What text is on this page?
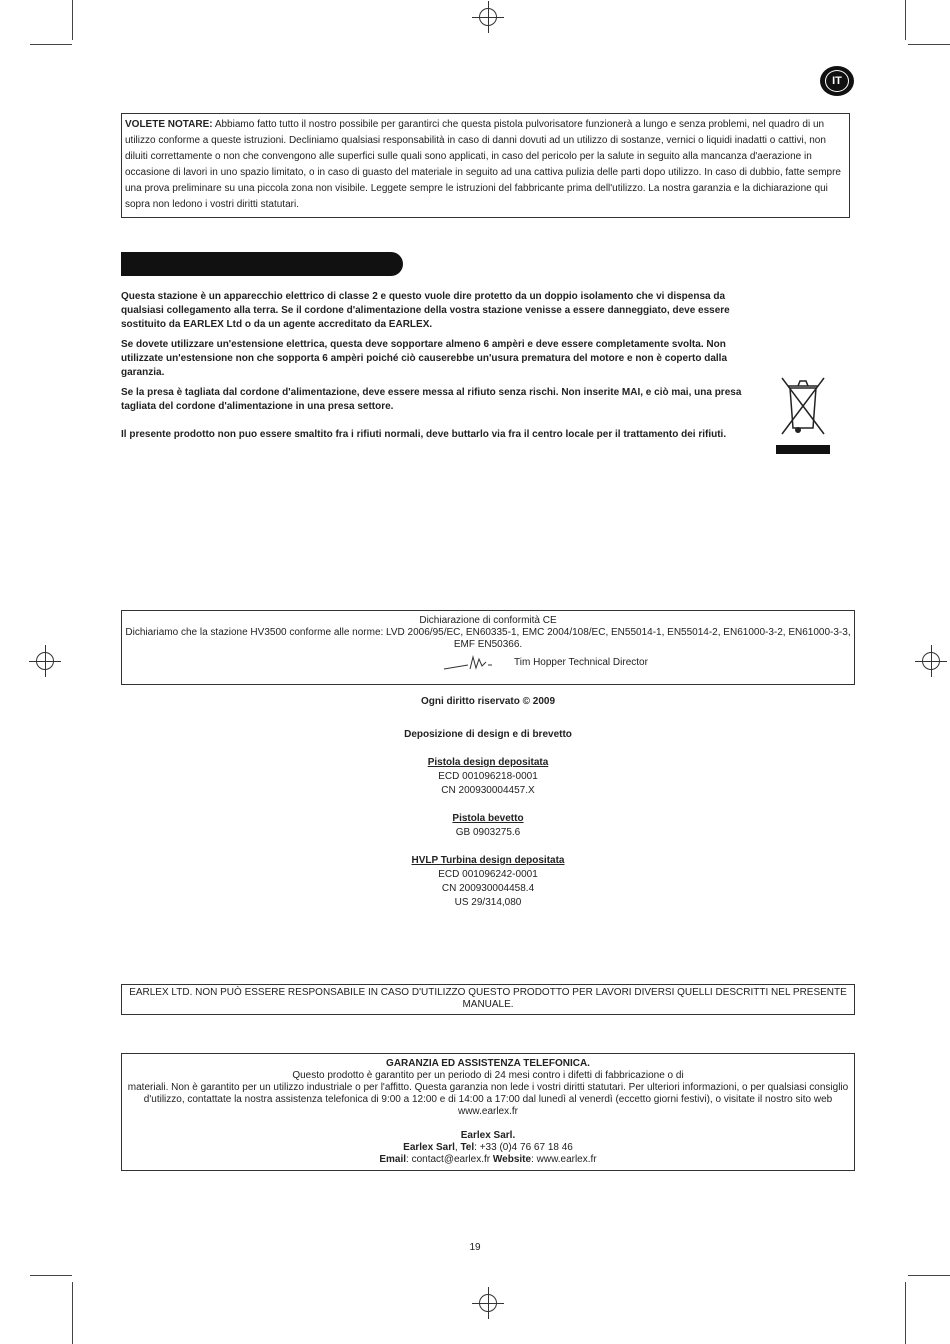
IT
VOLETE NOTARE: Abbiamo fatto tutto il nostro possibile per garantirci che questa pistola pulvorisatore funzionerà a lungo e senza problemi, nel quadro di un utilizzo conforme a queste istruzioni. Decliniamo qualsiasi responsabilità in caso di danni dovuti ad un utilizzo di sostanze, vernici o liquidi inadatti o cattivi, non diluiti correttamente o non che convengono alle superfici sulle quali sono applicati, in caso del pericolo per la salute in seguito alla mancanza d'aerazione in occasione di lavori in uno spazio limitato, o in caso di guasto del materiale in seguito ad una cattiva pulizia delle parti dopo utilizzo. In caso di dubbio, fatte sempre una prova preliminare su una piccola zona non visibile. Leggete sempre le istruzioni del fabbricante prima dell'utilizzo. La nostra garanzia e la dichiarazione qui sopra non ledono i vostri diritti statutari.

Questa stazione è un apparecchio elettrico di classe 2 e questo vuole dire protetto da un doppio isolamento che vi dispensa da qualsiasi collegamento alla terra. Se il cordone d'alimentazione della vostra stazione venisse a essere danneggiato, deve essere sostituito da EARLEX Ltd o da un agente accreditato da EARLEX.

Se dovete utilizzare un'estensione elettrica, questa deve sopportare almeno 6 ampèri e deve essere completamente svolta. Non utilizzate un'estensione non che sopporta 6 ampèri poiché ciò causerebbe un'usura prematura del motore e non è coperto dalla garanzia.

Se la presa è tagliata dal cordone d'alimentazione, deve essere messa al rifiuto senza rischi. Non inserite MAI, e ciò mai, una presa tagliata del cordone d'alimentazione in una presa settore.

Il presente prodotto non puo essere smaltito fra i rifiuti normali, deve buttarlo via fra il centro locale per il trattamento dei rifiuti.

Dichiarazione di conformità CE
Dichiariamo che la stazione HV3500 conforme alle norme: LVD 2006/95/EC, EN60335-1, EMC 2004/108/EC, EN55014-1, EN55014-2, EN61000-3-2, EN61000-3-3, EMF EN50366.
Tim Hopper Technical Director
Ogni diritto riservato © 2009
Deposizione di design e di brevetto
Pistola design depositata
ECD 001096218-0001
CN 200930004457.X
Pistola bevetto
GB 0903275.6
HVLP Turbina design depositata
ECD 001096242-0001
CN 200930004458.4
US 29/314,080
EARLEX LTD. NON PUÒ ESSERE RESPONSABILE IN CASO D'UTILIZZO QUESTO PRODOTTO PER LAVORI DIVERSI QUELLI DESCRITTI NEL PRESENTE MANUALE.
GARANZIA ED ASSISTENZA TELEFONICA.
Questo prodotto è garantito per un periodo di 24 mesi contro i difetti di fabbricazione o di
materiali. Non è garantito per un utilizzo industriale o per l'affitto. Questa garanzia non lede i vostri diritti statutari. Per ulteriori informazioni, o per qualsiasi consiglio d'utilizzo, contattate la nostra assistenza telefonica di 9:00 a 12:00 e di 14:00 a 17:00 dal lunedì al venerdì (eccetto giorni festivi), o visitate il nostro sito web www.earlex.fr
Earlex Sarl.
Earlex Sarl, Tel: +33 (0)4 76 67 18 46
Email: contact@earlex.fr Website: www.earlex.fr
19
